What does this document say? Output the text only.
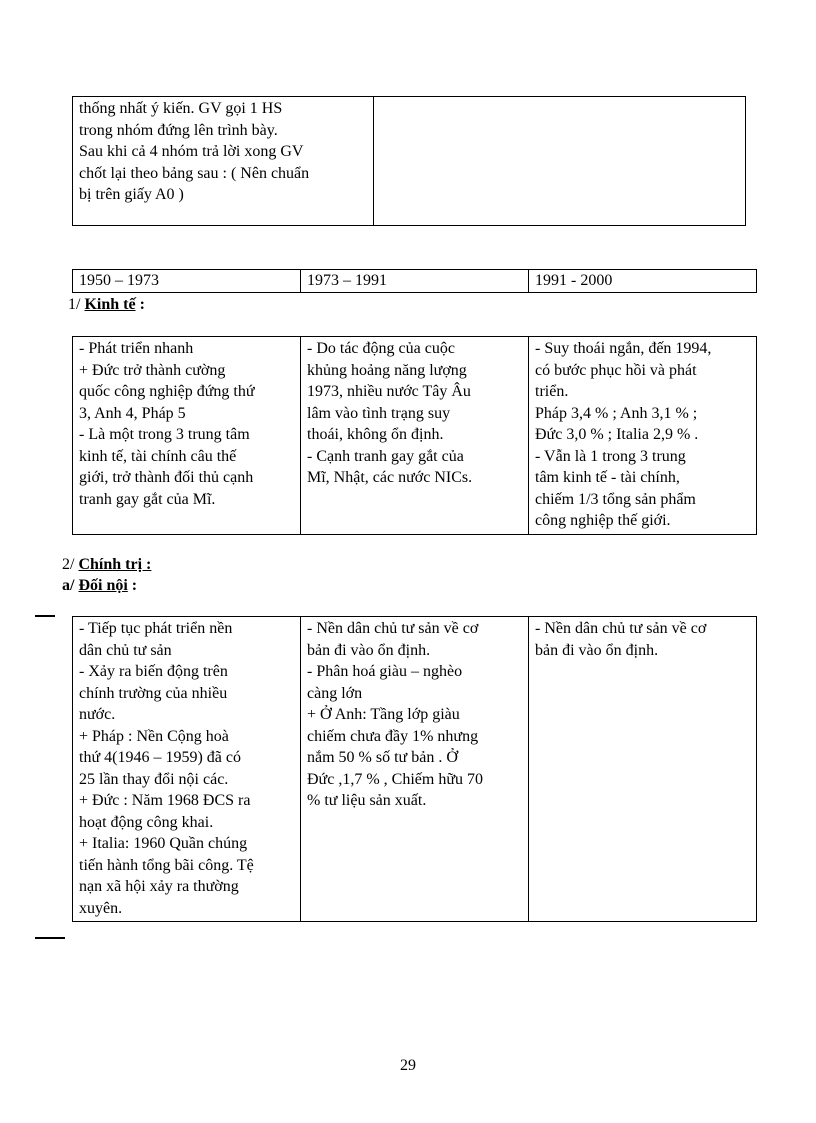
thống nhất ý kiến. GV gọi 1 HS
trong nhóm đứng lên trình bày.
Sau khi cả 4 nhóm trả lời xong GV
chốt lại theo bảng sau : ( Nên chuẩn
bị trên giấy A0 )

1950 – 1973	1973 – 1991	1991 - 2000
1/ Kinh tế :
- Phát triển nhanh
+ Đức trở thành cường
quốc công nghiệp đứng thứ
3, Anh 4, Pháp 5
- Là một trong 3 trung tâm
kinh tế, tài chính câu thế
giới, trở thành đối thủ cạnh
tranh gay gắt của Mĩ.

- Do tác động của cuộc
khủng hoảng năng lượng
1973, nhiều nước Tây Âu
lâm vào tình trạng suy
thoái, không ổn định.
- Cạnh tranh gay gắt của
Mĩ, Nhật, các nước NICs.

- Suy thoái ngắn, đến 1994,
có bước phục hồi và phát
triển.
Pháp 3,4 % ; Anh 3,1 % ;
Đức 3,0 % ; Italia 2,9 % .
- Vẫn là 1 trong 3 trung
tâm kinh tế - tài chính,
chiếm 1/3 tổng sản phẩm
công nghiệp thế giới.
2/ Chính trị :
a/ Đối nội :
- Tiếp tục phát triển nền
dân chủ tư sản
- Xảy ra biến động trên
chính trường của nhiều
nước.
+ Pháp : Nền Cộng hoà
thứ 4(1946 – 1959) đã có
25 lần thay đổi nội các.
+ Đức : Năm 1968 ĐCS ra
hoạt động công khai.
+ Italia: 1960 Quần chúng
tiến hành tổng bãi công. Tệ
nạn xã hội xảy ra thường
xuyên.

- Nền dân chủ tư sản về cơ
bản đi vào ổn định.
- Phân hoá giàu – nghèo
càng lớn
+ Ở Anh: Tầng lớp giàu
chiếm chưa đầy 1% nhưng
nắm 50 % số tư bản . Ở
Đức ,1,7 % , Chiếm hữu 70
% tư liệu sản xuất.

- Nền dân chủ tư sản về cơ
bản đi vào ổn định.
29
